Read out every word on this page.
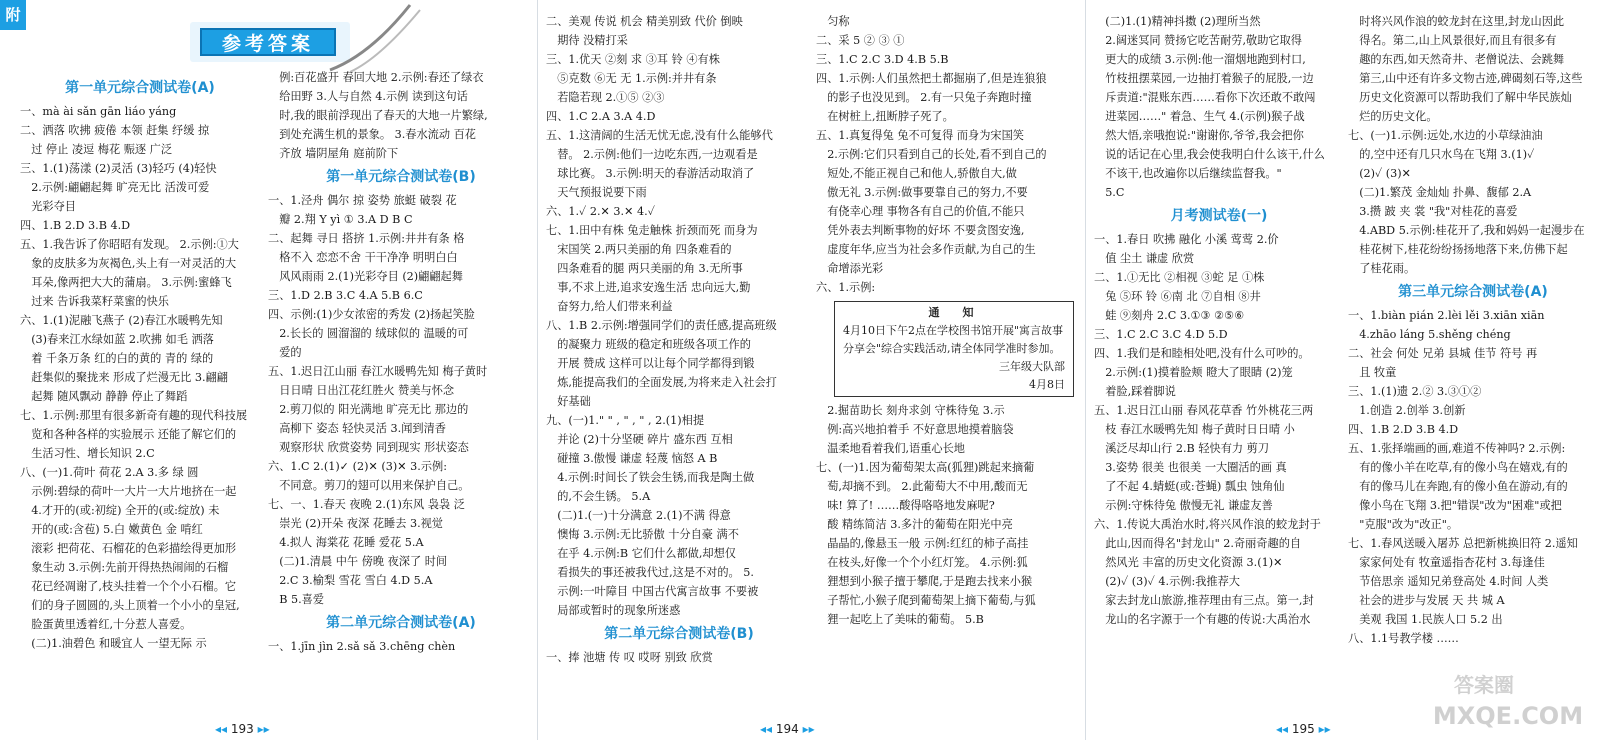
附
参考答案
第一单元综合测试卷(A)
一、mà ài sǎn gān liáo yáng
二、洒落 吹拂 疲倦 本领 赶集 纾缓 掠
　过 停止 凌逗 梅花 赈逐 广泛
三、1.(1)荡漾 (2)灵活 (3)轻巧 (4)轻快
　2.示例:翩翩起舞 旷亮无比 活泼可爱
　光彩夺目
四、1.B 2.D 3.B 4.D
五、1.我告诉了你昭昭有发现。 2.示例:①大
　象的皮肤多为灰褐色,头上有一对灵活的大
　耳朵,像两把大大的蒲扇。 3.示例:蜜蜂飞
　过来 告诉我菜籽菜蜜的快乐
六、1.(1)泥融飞燕子 (2)春江水暖鸭先知
　(3)春来江水绿如蓝 2.吹拂 如毛 洒落
　着 千条万条 红的白的黄的 青的 绿的
　赶集似的聚拢来 形成了烂漫无比 3.翩翩
　起舞 随风飘动 静静 停止了舞蹈
七、1.示例:那里有很多新奇有趣的现代科技展
　览和各种各样的实验展示 还能了解它们的
　生活习性、增长知识 2.C
八、(一)1.荷叶 荷花 2.A 3.多 绿 圆
　示例:碧绿的荷叶一大片一大片地挤在一起
　4.才开的(或:初绽) 全开的(或:绽放) 未
　开的(或:含苞) 5.白 嫩黄色 金 啃红
　滚彩 把荷花、石榴花的色彩描绘得更加形
　象生动 3.示例:先前开得热热闹闹的石榴
　花已经凋谢了,枝头挂着一个个小石榴。它
　们的身子圆圆的,头上顶着一个小小的皇冠,
　脸蛋黄里透着红,十分惹人喜爱。
　(二)1.油碧色 和暖宜人 一望无际 示
　例:百花盛开 春回大地 2.示例:春还了绿衣
　给田野 3.人与自然 4.示例 读到这句话
　时,我的眼前浮现出了春天的大地一片繁绿,
　到处充满生机的景象。 3.春水流动 百花
　齐放 墙阴屋角 庭前阶下
第一单元综合测试卷(B)
一、1.泾舟 偶尔 掠 姿势 旅蜓 破裂 花
　瓣 2.翔 Y yì ① 3.A D B C
二、起舞 寻日 搭挤 1.示例:井井有条 格
　格不入 恋恋不舍 干干净净 明明白白
　风风雨雨 2.(1)光彩夺目 (2)翩翩起舞
三、1.D 2.B 3.C 4.A 5.B 6.C
四、示例:(1)少女浓密的秀发 (2)扬起笑脸
　2.长长的 圆溜溜的 绒球似的 温暖的可
　爱的
五、1.迟日江山丽 春江水暖鸭先知 梅子黄时
　日日晴 日出江花红胜火 赞美与怀念
　2.剪刀似的 阳光满地 旷亮无比 那边的
　高柳下 姿态 轻快灵活 3.闻到清香
　观察形状 欣赏姿势 同到现实 形状姿态
六、1.C 2.(1)✓ (2)✕ (3)✕ 3.示例:
　不同意。剪刀的翅可以用来保护自己。
七、一、1.春天 夜晚 2.(1)东风 袅袅 泛
　崇光 (2)开朵 夜深 花睡去 3.视觉
　4.拟人 海棠花 花睡 爱花 5.A
　(二)1.清晨 中午 傍晚 夜深了 时间
　2.C 3.榆梨 雪花 雪白 4.D 5.A
　B 5.喜爱
第二单元综合测试卷(A)
一、1.jīn jìn 2.sǎ sǎ 3.chēng chèn
◂◂ 193 ▸▸
二、美观 传说 机会 精美别致 代价 倒映
　期待 没精打采
三、1.优天 ②刻 求 ③耳 铃 ④有株
　⑤克数 ⑥无 无 1.示例:并井有条
　若隐若现 2.①⑤ ②③
四、1.C 2.A 3.A 4.D
五、1.这清阔的生活无忧无虑,没有什么能够代
　替。 2.示例:他们一边吃东西,一边观看是
　球比赛。 3.示例:明天的春游活动取消了
　天气预报说要下雨
六、1.✓ 2.✕ 3.✕ 4.✓
七、1.田中有株 兔走触株 折颈而死 而身为
　宋国笑 2.两只美丽的角 四条难看的
　四条难看的腿 两只美丽的角 3.无所事
　事,不求上进,追求安逸生活 忠向远大,勤
　奋努力,给人们带来利益
八、1.B 2.示例:增强同学们的责任感,提高班级
　的凝聚力 班级的稳定和班级各项工作的
　开展 赞成 这样可以让每个同学都得到锻
　炼,能提高我们的全面发展,为将来走入社会打
　好基础
九、(一)1." " , " , " , 2.(1)相提
　并论 (2)十分坚硬 碎片 盛东西 互相
　碰撞 3.傲慢 谦虚 轻蔑 恼怒 A B
　4.示例:时间长了铁会生锈,而我是陶土做
　的,不会生锈。 5.A
　(二)1.(一)十分满意 2.(1)不满 得意
　懊悔 3.示例:无比骄傲 十分自豪 满不
　在乎 4.示例:B 它们什么都做,却想仅
　看损失的事还被我代过,这是不对的。 5.
　示例:一叶障目 中国古代寓言故事 不要被
　局部或暂时的现象所迷惑
第二单元综合测试卷(B)
一、捧 池塘 传 叹 哎呀 别致 欣赏
　匀称
二、采 5 ② ③ ①
三、1.C 2.C 3.D 4.B 5.B
四、1.示例:人们虽然把土都掘崩了,但是连狼狼
　的影子也没见到。 2.有一只兔子奔跑时撞
　在树桩上,扭断脖子死了。
五、1.真复得兔 兔不可复得 而身为宋国笑
　2.示例:它们只看到自己的长处,看不到自己的
　短处,不能正视自己和他人,骄傲自大,做
　傲无礼 3.示例:做事要靠自己的努力,不要
　有侥幸心理 事物各有自己的价值,不能只
　凭外表去判断事物的好坏 不要贪图安逸,
　虚度年华,应当为社会多作贡献,为自己的生
　命增添光彩
六、1.示例:
通　知
4月10日下午2点在学校图书馆开展"寓言故事分享会"综合实践活动,请全体同学准时参加。
三年级大队部
4月8日
　2.掘苗助长 刻舟求剑 守株待兔 3.示
　例:高兴地拍着手 不好意思地摸着脑袋
　温柔地看着我们,语重心长地
七、(一)1.因为葡萄架太高(狐狸)跳起来摘葡
　萄,却摘不到。 2.此葡萄大不中用,酸而无
　味! 算了! ……酸得咯咯地发麻呢?
　酸 精练简洁 3.多汁的葡萄在阳光中亮
　晶晶的,像悬玉一般 示例:红红的柿子高挂
　在枝头,好像一个个小红灯笼。 4.示例:狐
　狸想到小猴子擅于攀爬,于是跑去找来小猴
　子帮忙,小猴子爬到葡萄架上摘下葡萄,与狐
　狸一起吃上了美味的葡萄。 5.B
◂◂ 194 ▸▸
　(二)1.(1)精神抖擞 (2)理所当然
　2.阔迷冥同 赞扬它吃苦耐劳,敬助它取得
　更大的成绩 3.示例:他一溜烟地跑到村口,
　竹枝扭摆菜园,一边抽打着猴子的屁股,一边
　斥责道:"混账东西……看你下次还敢不敢闯
　进菜园……" 着急、生气 4.(示例)猴子战
　然大悟,亲哦抱说:"谢谢你,爷爷,我会把你
　说的话记在心里,我会使我明白什么该干,什么
　不该干,也改遍你以后继续监督我。"
　5.C
月考测试卷(一)
一、1.春日 吹拂 融化 小溪 莺莺 2.价
　值 尘土 谦虚 欣赏
二、1.①无比 ②相视 ③蛇 足 ①株
　兔 ⑤环 铃 ⑥南 北 ⑦自相 ⑧井
　蛙 ⑨刻舟 2.C 3.①③ ②⑤⑥
三、1.C 2.C 3.C 4.D 5.D
四、1.我们是和睦相处吧,没有什么可吵的。
　2.示例:(1)摸着脸颊 瞪大了眼睛 (2)笼
　着脸,踩着脚说
五、1.迟日江山丽 春风花草香 竹外桃花三两
　枝 春江水暖鸭先知 梅子黄时日日晴 小
　溪泛尽却山行 2.B 轻快有力 剪刀
　3.姿势 很美 也很美 一大圈活的画 真
　了不起 4.蜻蜓(或:苍蝇) 瓢虫 蚀角仙
　示例:守株待兔 傲慢无礼 谦虚友善
六、1.传说大禹治水时,将兴风作浪的蛟龙封于
　此山,因而得名"封龙山" 2.奇丽奇趣的自
　然风光 丰富的历史文化资源 3.(1)✕
　(2)✓ (3)✓ 4.示例:我推荐大
　家去封龙山旅游,推荐理由有三点。第一,封
　龙山的名字源于一个有趣的传说:大禹治水
　时将兴风作浪的蛟龙封在这里,封龙山因此
　得名。第二,山上风景很好,而且有很多有
　趣的东西,如天然奇井、老僧说法、会跳舞
　第三,山中还有许多文物古迹,碑碣刻石等,这些
　历史文化资源可以帮助我们了解中华民族灿
　烂的历史文化。
七、(一)1.示例:远处,水边的小草绿油油
　的,空中还有几只水鸟在飞翔 3.(1)✓
　(2)✓ (3)✕
　(二)1.繁茂 金灿灿 扑鼻、馥郁 2.A
　3.攒 跛 夹 裳 "我"对桂花的喜爱
　4.ABD 5.示例:桂花开了,我和妈妈一起漫步在
　桂花树下,桂花纷纷扬扬地落下来,仿佛下起
　了桂花雨。
第三单元综合测试卷(A)
一、1.biàn pián 2.lèi lěi 3.xiān xiān
　4.zhāo láng 5.shěng chéng
二、社会 何处 兄弟 县城 佳节 符号 再
　且 牧童
三、1.(1)遗 2.② 3.③①②
　1.创造 2.创举 3.创新
四、1.B 2.D 3.B 4.D
五、1.张择端画的画,难道不传神吗? 2.示例:
　有的像小羊在吃草,有的像小鸟在嬉戏,有的
　有的像马儿在奔跑,有的像小鱼在游动,有的
　像小鸟在飞翔 3.把"错误"改为"困难"或把
　"克服"改为"改正"。
七、1.春风送暖入屠苏 总把新桃换旧符 2.遥知
　家家何处有 牧童遥指杏花村 3.每逢佳
　节倍思亲 遥知兄弟登高处 4.时间 人类
　社会的进步与发展 天 共 城 A
　美观 我国 1.民族人口 5.2 出
八、1.1号教学楼 ……
◂◂ 195 ▸▸
答案圈
MXQE.COM
